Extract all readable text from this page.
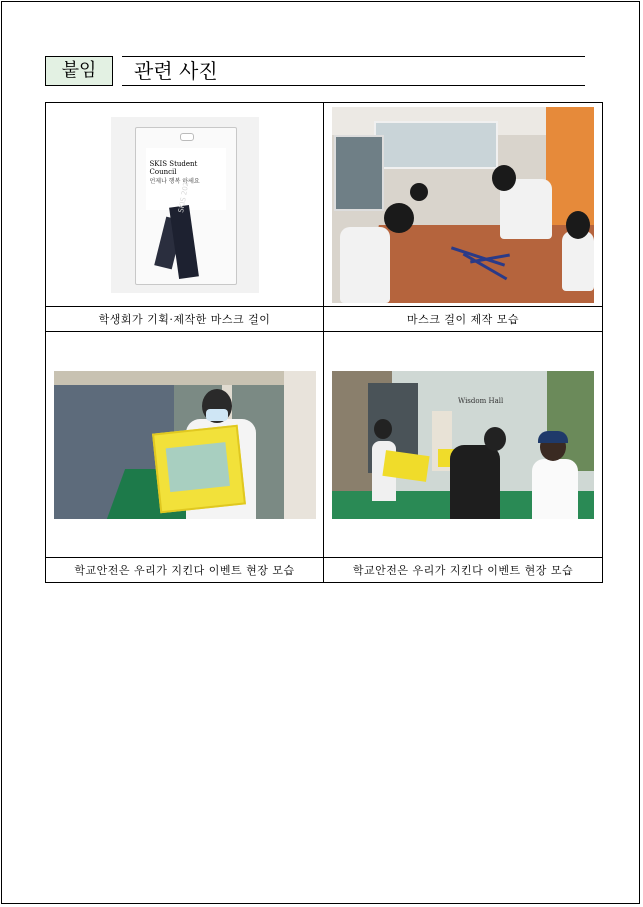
붙임	관련 사진
SKIS Student Council
언제나 행복 하세요
SKIS 2020	

학생회가 기획·제작한 마스크 걸이	마스크 걸이 제작 모습

	Wisdom Hall

학교안전은 우리가 지킨다 이벤트 현장 모습	학교안전은 우리가 지킨다 이벤트 현장 모습
